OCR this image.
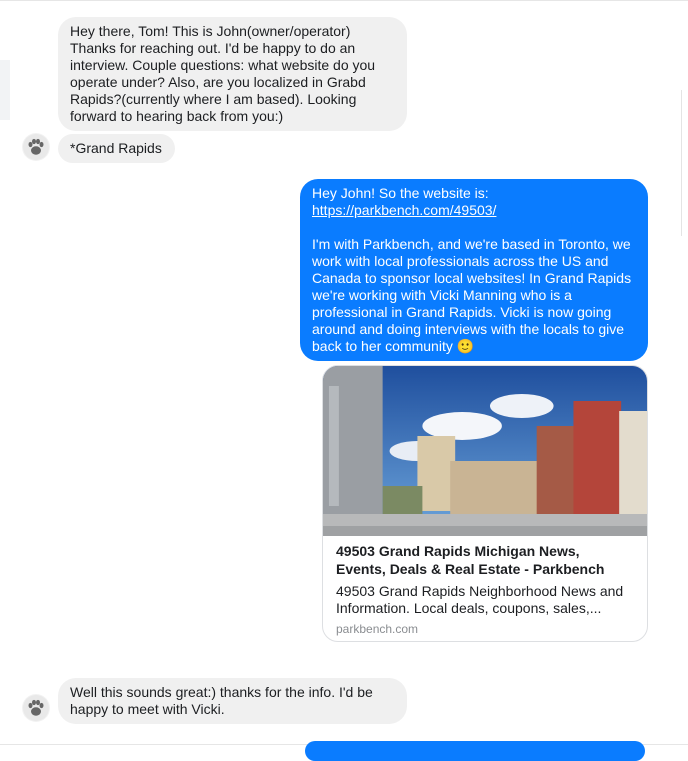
Hey there, Tom! This is John(owner/operator)
Thanks for reaching out. I'd be happy to do an
interview. Couple questions: what website do you
operate under? Also, are you localized in Grabd
Rapids?(currently where I am based). Looking
forward to hearing back from you:)
*Grand Rapids
Hey John! So the website is:
https://parkbench.com/49503/
I'm with Parkbench, and we're based in Toronto, we
work with local professionals across the US and
Canada to sponsor local websites! In Grand Rapids
we're working with Vicki Manning who is a
professional in Grand Rapids. Vicki is now going
around and doing interviews with the locals to give
back to her community 🙂
49503 Grand Rapids Michigan News,
Events, Deals & Real Estate - Parkbench
49503 Grand Rapids Neighborhood News and
Information. Local deals, coupons, sales,...
parkbench.com
Well this sounds great:) thanks for the info. I'd be
happy to meet with Vicki.
